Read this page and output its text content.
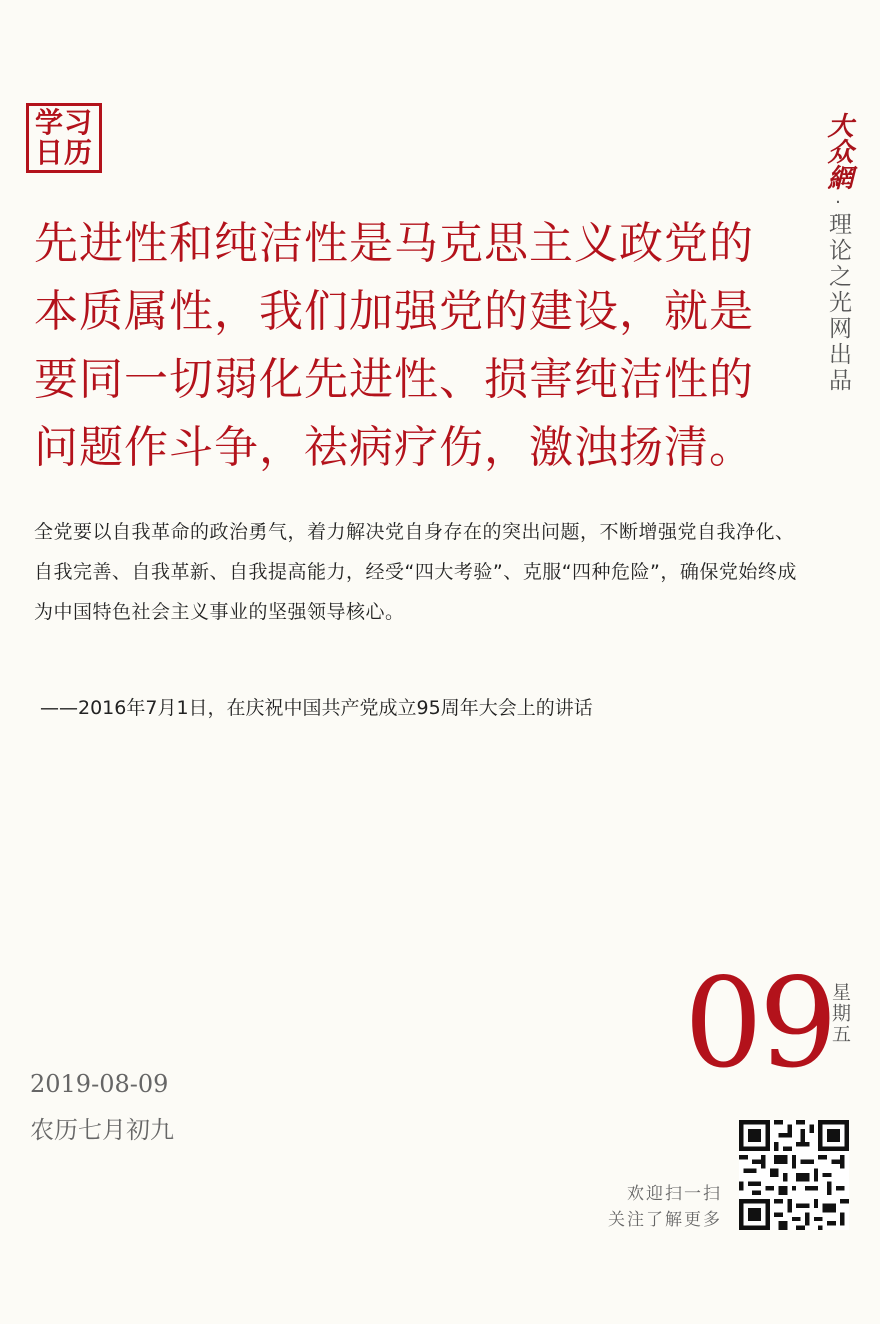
学习
日历	大众網
·
理论之光网出品

先进性和纯洁性是马克思主义政党的本质属性，我们加强党的建设，就是要同一切弱化先进性、损害纯洁性的问题作斗争，祛病疗伤，激浊扬清。

全党要以自我革命的政治勇气，着力解决党自身存在的突出问题，不断增强党自我净化、自我完善、自我革新、自我提高能力，经受“四大考验”、克服“四种危险”，确保党始终成为中国特色社会主义事业的坚强领导核心。

——2016年7月1日，在庆祝中国共产党成立95周年大会上的讲话

09
星期五
2019-08-09
农历七月初九
欢迎扫一扫
关注了解更多
